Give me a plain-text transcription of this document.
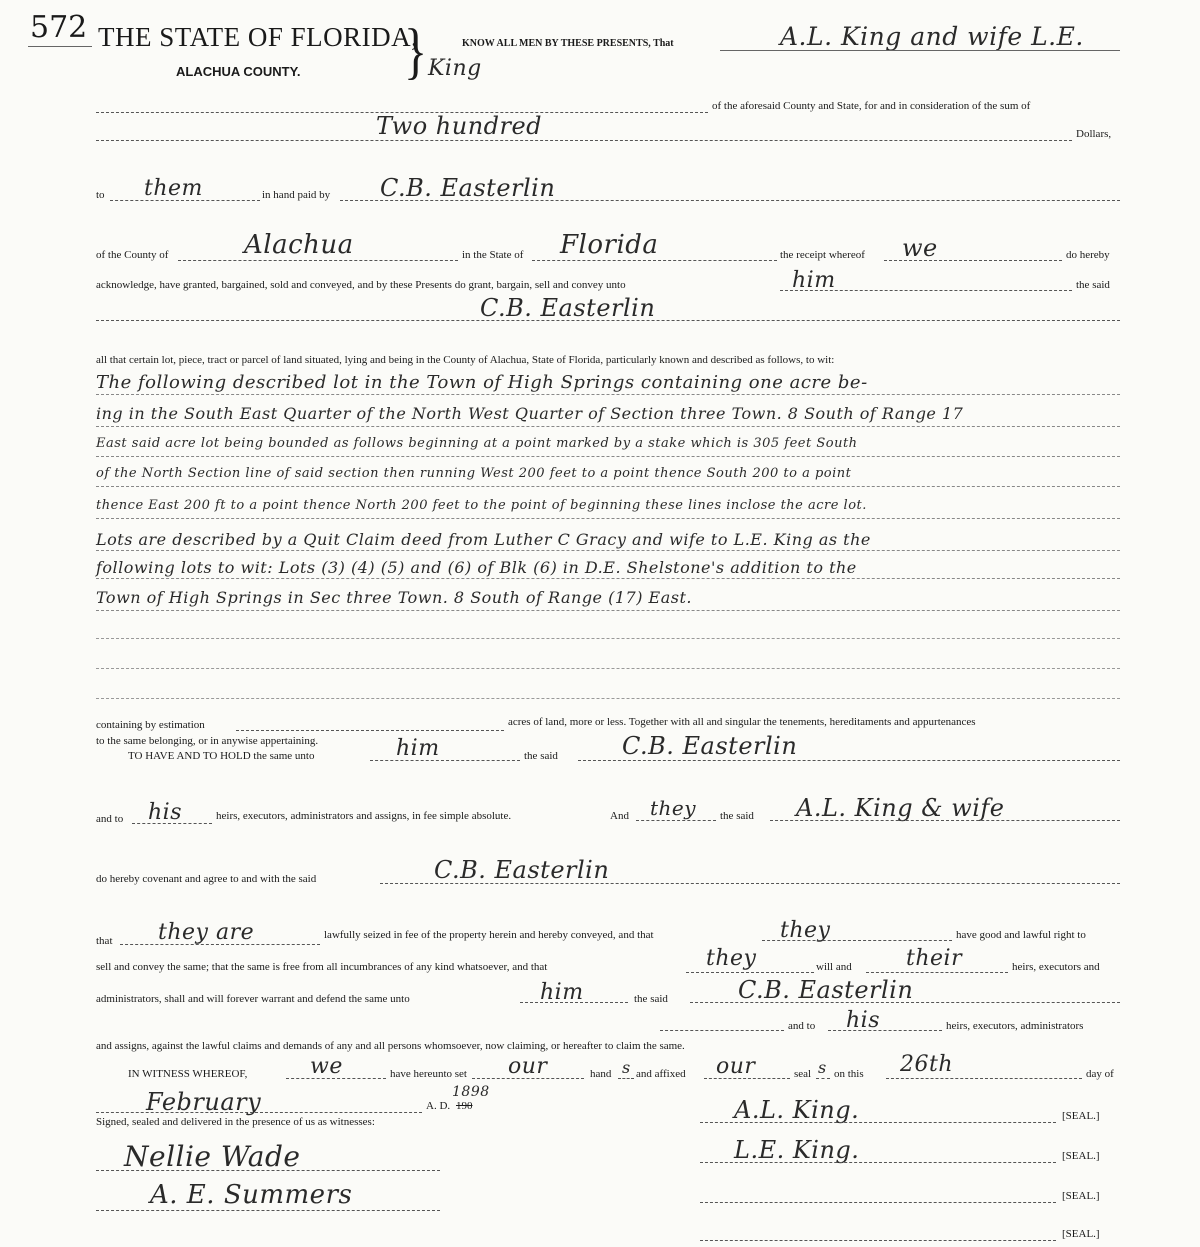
572 THE STATE OF FLORIDA,
ALACHUA COUNTY. }	KNOW ALL MEN BY THESE PRESENTS, That	A.L. King and wife L.E.
King
of the aforesaid County and State, for and in consideration of the sum of
Two hundred	Dollars,
to them	in hand paid by C.B. Easterlin
of the County of	Alachua	in the State of Florida	the receipt whereof we	do hereby
acknowledge, have granted, bargained, sold and conveyed, and by these Presents do grant, bargain, sell and convey unto	him	the said
C.B. Easterlin
all that certain lot, piece, tract or parcel of land situated, lying and being in the County of Alachua, State of Florida, particularly known and described as follows, to wit:
The following described lot in the Town of High Springs containing one acre be-
ing in the South East Quarter of the North West Quarter of Section three Town. 8 South of Range 17
East said acre lot being bounded as follows beginning at a point marked by a stake which is 305 feet South
of the North Section line of said section then running West 200 feet to a point thence South 200 to a point
thence East 200 ft to a point thence North 200 feet to the point of beginning these lines inclose the acre lot.
Lots are described by a Quit Claim deed from Luther C Gracy and wife to L.E. King as the
following lots to wit: Lots (3) (4) (5) and (6) of Blk (6) in D.E. Shelstone's addition to the
Town of High Springs in Sec three Town. 8 South of Range (17) East.
containing by estimation	acres of land, more or less. Together with all and singular the tenements, hereditaments and appurtenances
to the same belonging, or in anywise appertaining.
TO HAVE AND TO HOLD the same unto	him	the said	C.B. Easterlin
and to his	heirs, executors, administrators and assigns, in fee simple absolute.	And they the said A.L. King & wife
do hereby covenant and agree to and with the said	C.B. Easterlin
that they are	lawfully seized in fee of the property herein and hereby conveyed, and that	they	have good and lawful right to
sell and convey the same; that the same is free from all incumbrances of any kind whatsoever, and that	they	will and their	heirs, executors and
administrators, shall and will forever warrant and defend the same unto	him	the said	C.B. Easterlin
and to his	heirs, executors, administrators
and assigns, against the lawful claims and demands of any and all persons whomsoever, now claiming, or hereafter to claim the same.
IN WITNESS WHEREOF,	we	have hereunto set our	hand s and affixed our	seal s on this 26th	day of
February	A. D. 190
1898
Signed, sealed and delivered in the presence of us as witnesses:	A.L. King.	[SEAL.]
L.E. King.	[SEAL.]
[SEAL.]
[SEAL.]
Nellie Wade
A. E. Summers
